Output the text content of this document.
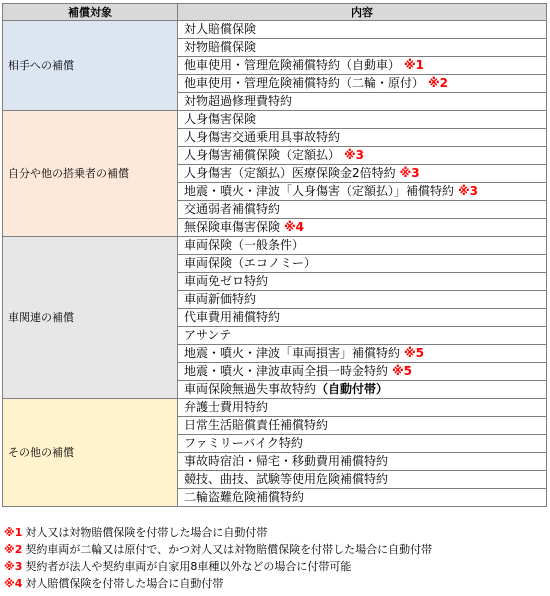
補償対象	内容
相手への補償	対人賠償保険
	対物賠償保険
	他車使用・管理危険補償特約（自動車） ※1
	他車使用・管理危険補償特約（二輪・原付） ※2
	対物超過修理費特約
自分や他の搭乗者の補償	人身傷害保険
	人身傷害交通乗用具事故特約
	人身傷害補償保険（定額払） ※3
	人身傷害（定額払）医療保険金2倍特約 ※3
	地震・噴火・津波「人身傷害（定額払）」補償特約 ※3
	交通弱者補償特約
	無保険車傷害保険 ※4
車関連の補償	車両保険（一般条件）
	車両保険（エコノミー）
	車両免ゼロ特約
	車両新価特約
	代車費用補償特約
	アサンテ
	地震・噴火・津波「車両損害」補償特約 ※5
	地震・噴火・津波車両全損一時金特約 ※5
	車両保険無過失事故特約（自動付帯）
その他の補償	弁護士費用特約
	日常生活賠償責任補償特約
	ファミリーバイク特約
	事故時宿泊・帰宅・移動費用補償特約
	競技、曲技、試験等使用危険補償特約
	二輪盗難危険補償特約
※1 対人又は対物賠償保険を付帯した場合に自動付帯
※2 契約車両が二輪又は原付で、かつ対人又は対物賠償保険を付帯した場合に自動付帯
※3 契約者が法人や契約車両が自家用8車種以外などの場合に付帯可能
※4 対人賠償保険を付帯した場合に自動付帯
